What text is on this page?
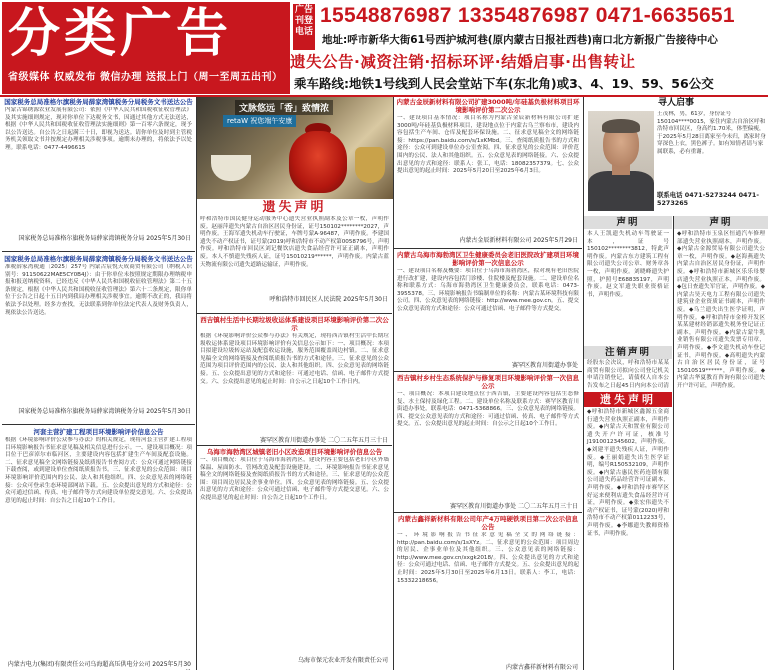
分类广告
省级媒体 权威发布 微信办理 送报上门（周一至周五出刊）
广告刊登电话
15548876987 13354876987 0471-6635651
地址:呼市新华大街61号西护城河巷(原内蒙古日报社西巷)南口北方新报广告接待中心
遗失公告·减资注销·招标环评·结婚启事·出售转让
乘车路线:地铁1号线到人民会堂站下车(东北角)或3、4、19、59、56公交
国家税务总局准格尔旗税务局薛家湾镇税务分局税务文书送达公告
内蒙古锦绣源农业发展有限公司：依照《中华人民共和国税收征收管理法》及其实施细则规定，现对你单位下达税务文书，因通过其他方式无法送达，根据《中华人民共和国税收征收管理法实施细则》第一百零六条规定，现予以公告送达。自公告之日起满三十日，即视为送达。请你单位及时到主管税务机关领取文书并按规定办理相关涉税事项。逾期未办理的，将依法予以处理。联系电话：0477-4496615
国家税务总局准格尔旗税务局薛家湾镇税务分局 2025年5月30日
国家税务总局准格尔旗税务局薛家湾镇税务分局税务文书送达公告
准税薛家湾税通〔2025〕257号 内蒙古宸悦天成商贸有限公司（纳税人识别号：91150622MAE5CY0B4J）：由于你单位未按照规定期限办理纳税申报和报送纳税资料，已经违反《中华人民共和国税收征收管理法》第二十五条规定，根据《中华人民共和国税收征收管理法》第六十二条规定，限你单位于公告之日起十五日内到我局办理相关涉税事宜。逾期不改正的，我局将依法予以处理。经多方查找，无法联系到你单位法定代表人及财务负责人，现依法公告送达。
国家税务总局准格尔旗税务局薛家湾镇税务分局 2025年5月30日
河套主营扩建工程项目环境影响评价信息公告
根据《环境影响评价公众参与办法》的相关规定，现将河套主营扩建工程项目环境影响报告书征求意见稿及相关信息进行公示。一、建设项目概况：项目位于巴彦淖尔市临河区，主要建设内容包括扩建生产车间及配套设施。二、征求意见稿全文网络链接及纸质报告书查阅方式：公众可通过网络链接下载查阅，或到建设单位查阅纸质报告书。三、征求意见的公众范围：项目环境影响评价范围内的公民、法人和其他组织。四、公众意见表的网络链接：公众可登录生态环境部网站下载。五、公众提出意见的方式和途径：公众可通过信函、传真、电子邮件等方式向建设单位提交意见。六、公众提出意见的起止时间：自公告之日起10个工作日。
内蒙古电力(集团)有限责任公司乌海超高压供电分公司 2025年5月30
文脉悠远「香」致情浓
retaW 祝您端午安康
遗失声明
呼和浩特市国民健身运动服务中心遗失营业执照副本及公章一枚，声明作废。赵丽萍遗失内蒙古自治区居民身份证，证号150102********2027，声明作废。王海军遗失机动车行驶证，车牌号蒙A·96487，声明作废。李建国遗失不动产权证书，证号蒙(2019)呼和浩特市不动产权第0058796号，声明作废。呼和浩特市回民区刘记餐饮店遗失食品经营许可证正副本，声明作废。本人不慎遗失残疾人证，证号15010219******，声明作废。内蒙古蓝天物流有限公司遗失道路运输证，声明作废。
呼和浩特市回民区人民法院 2025年5月30日
西吉镇村生活中长期垃圾收运体系建设项目环境影响评价第二次公示
根据《环境影响评价公众参与办法》有关规定，现将西吉镇村生活中长期垃圾收运体系建设项目环境影响评价有关信息公示如下：一、项目概况：本项目拟建设垃圾转运站及配套收运设施，服务范围覆盖周边村镇。二、征求意见稿全文的网络链接及查阅纸质报告书的方式和途径。三、征求意见的公众范围为项目评价范围内的公民、法人和其他组织。四、公众意见表的网络链接。五、公众提出意见的方式和途径：可通过电话、信函、电子邮件方式提交。六、公众提出意见的起止时间：自公示之日起10个工作日内。
赛罕区教育川街道办事处 二〇二五年五月三十日
乌海市海勃湾区城镇老旧小区改造项目环境影响评价信息公告
一、项目概况：项目位于乌海市海勃湾区，建设内容主要包括老旧小区外墙保温、屋面防水、管网改造及配套设施建设。二、环境影响报告书征求意见稿全文的网络链接及查阅纸质报告书的方式和途径。三、征求意见的公众范围：项目周边居民及企事业单位。四、公众意见表的网络链接。五、公众提出意见的方式和途径：公众可通过信函、电子邮件等方式提交意见。六、公众提出意见的起止时间：自公告之日起10个工作日。
乌海市保元农业开发有限责任公司
内蒙古金辰新材料有限公司扩建3000吨/年硅基负极材料项目环境影响评价第二次公示
一、建设项目基本情况：项目名称为内蒙古金辰新材料有限公司扩建3000吨/年硅基负极材料项目，建设地点位于内蒙古乌兰察布市，建设内容包括生产车间、仓库及配套环保设施。二、征求意见稿全文的网络链接：https://pan.baidu.com/s/1xKMbd。三、查阅纸质报告书的方式和途径：公众可到建设单位办公室查阅。四、征求意见的公众范围：评价范围内的公民、法人和其他组织。五、公众意见表的网络链接。六、公众提出意见的方式和途径：联系人：张工，电话：18082357379。七、公众提出意见的起止时间：2025年5月20日至2025年6月3日。
内蒙古金辰新材料有限公司 2025年5月29日
内蒙古乌海市海勃湾区卫生健康委员会老旧医院改扩建项目环境影响评价第一次信息公示
一、建设项目名称及概要：项目位于乌海市海勃湾区，拟对现有老旧医院进行改扩建，建设内容包括门诊楼、住院楼及配套设施。二、建设单位名称和联系方式：乌海市海勃湾区卫生健康委员会，联系电话：0473-3955378。三、环境影响报告书编制单位的名称：内蒙古某环境科技有限公司。四、公众意见表的网络链接：http://www.mee.gov.cn。五、提交公众意见表的方式和途径：公众可通过信函、电子邮件等方式提交。
赛罕区教育川街道办事处
西吉镇村乡村生态系统保护与修复项目环境影响评价第一次信息公示
一、项目概况：本项目建设地点位于西吉镇，主要建设内容包括生态修复、水土保持及绿化工程。二、建设单位名称及联系方式：赛罕区教育川街道办事处，联系电话：0471-5368866。三、公众意见表的网络链接。四、提交公众意见表的方式和途径：可通过信函、传真、电子邮件等方式提交。五、公众提出意见的起止时间：自公示之日起10个工作日。
赛罕区教育川街道办事处 二〇二五年五月三十日
内蒙古鑫祥新材料有限公司年产4万吨硬铁项目第二次公示信息公告
一、环境影响报告书征求意见稿全文的网络链接：http://pan.baidu.com/s/1sXYz。二、征求意见的公众范围：项目周边的居民、企事业单位及其他组织。三、公众意见表的网络链接：http://www.mee.gov.cn/xxgk2018/。四、公众提出意见的方式和途径：公众可通过电话、信函、电子邮件方式提交。五、公众提出意见的起止时间：2025年5月30日至2025年6月13日。联系人：李工，电话：15332218656。
内蒙古鑫祥新材料有限公司
声明
本人王凯遗失机动车驾驶证一本，证号150102********3812，特此声明作废。内蒙古东方建筑工程有限公司遗失公司公章、财务章各一枚，声明作废。刘晓峰遗失护照，护照号E68835197，声明作废。赵文军遗失职业资格证书，声明作废。
注销声明
经股东会决议，呼和浩特市某某商贸有限公司拟向公司登记机关申请注销登记，请债权人自本公告发布之日起45日内向本公司清
遗失声明
◆呼和浩特市新城区鑫源五金商行遗失营业执照正副本，声明作废。◆内蒙古天和置业有限公司遗失开户许可证，核准号J1910012345602，声明作废。◆刘建平遗失残疾人证，声明作废。◆王丽娟遗失出生医学证明，编号R150532109，声明作废。◆内蒙古惠民医药连锁有限公司遗失药品经营许可证副本，声明作废。◆呼和浩特市赛罕区好运来便利店遗失食品经营许可证，声明作废。◆张宏伟遗失不动产权证书，证号蒙(2020)呼和浩特市不动产权第0112233号，声明作废。◆李娜遗失教师资格证书，声明作废。
寻人启事
王茂林，男，61岁，身份证号150104****0015，家住内蒙古自治区呼和浩特市回民区，身高约1.70米，体型偏瘦，于2025年5月28日离家至今未归，离家时身穿深色上衣，黑色裤子。如有知情者请与家属联系，必有重谢。
联系电话 0471-5273244 0471-5273265
声明
◆呼和浩特市玉泉区恒通汽车修理部遗失营业执照副本，声明作废。◆内蒙古金源贸易有限公司遗失公章一枚，声明作废。◆赵海燕遗失内蒙古自治区居民身份证，声明作废。◆呼和浩特市新城区乐乐母婴店遗失营业执照正本，声明作废。◆包日查遗失军官证，声明作废。◆内蒙古昊天电力工程有限公司遗失建筑业企业资质证书副本，声明作废。◆乌兰遗失出生医学证明，声明作废。◆呼和浩特市金桥开发区某某建材经销部遗失税务登记证正副本，声明作废。◆内蒙古蒙牛乳业销售有限公司遗失发票专用章，声明作废。◆李文遗失机动车登记证书，声明作废。◆高明遗失内蒙古自治区居民身份证，证号15010519******，声明作废。◆内蒙古华夏教育咨询有限公司遗失开户许可证，声明作废。
